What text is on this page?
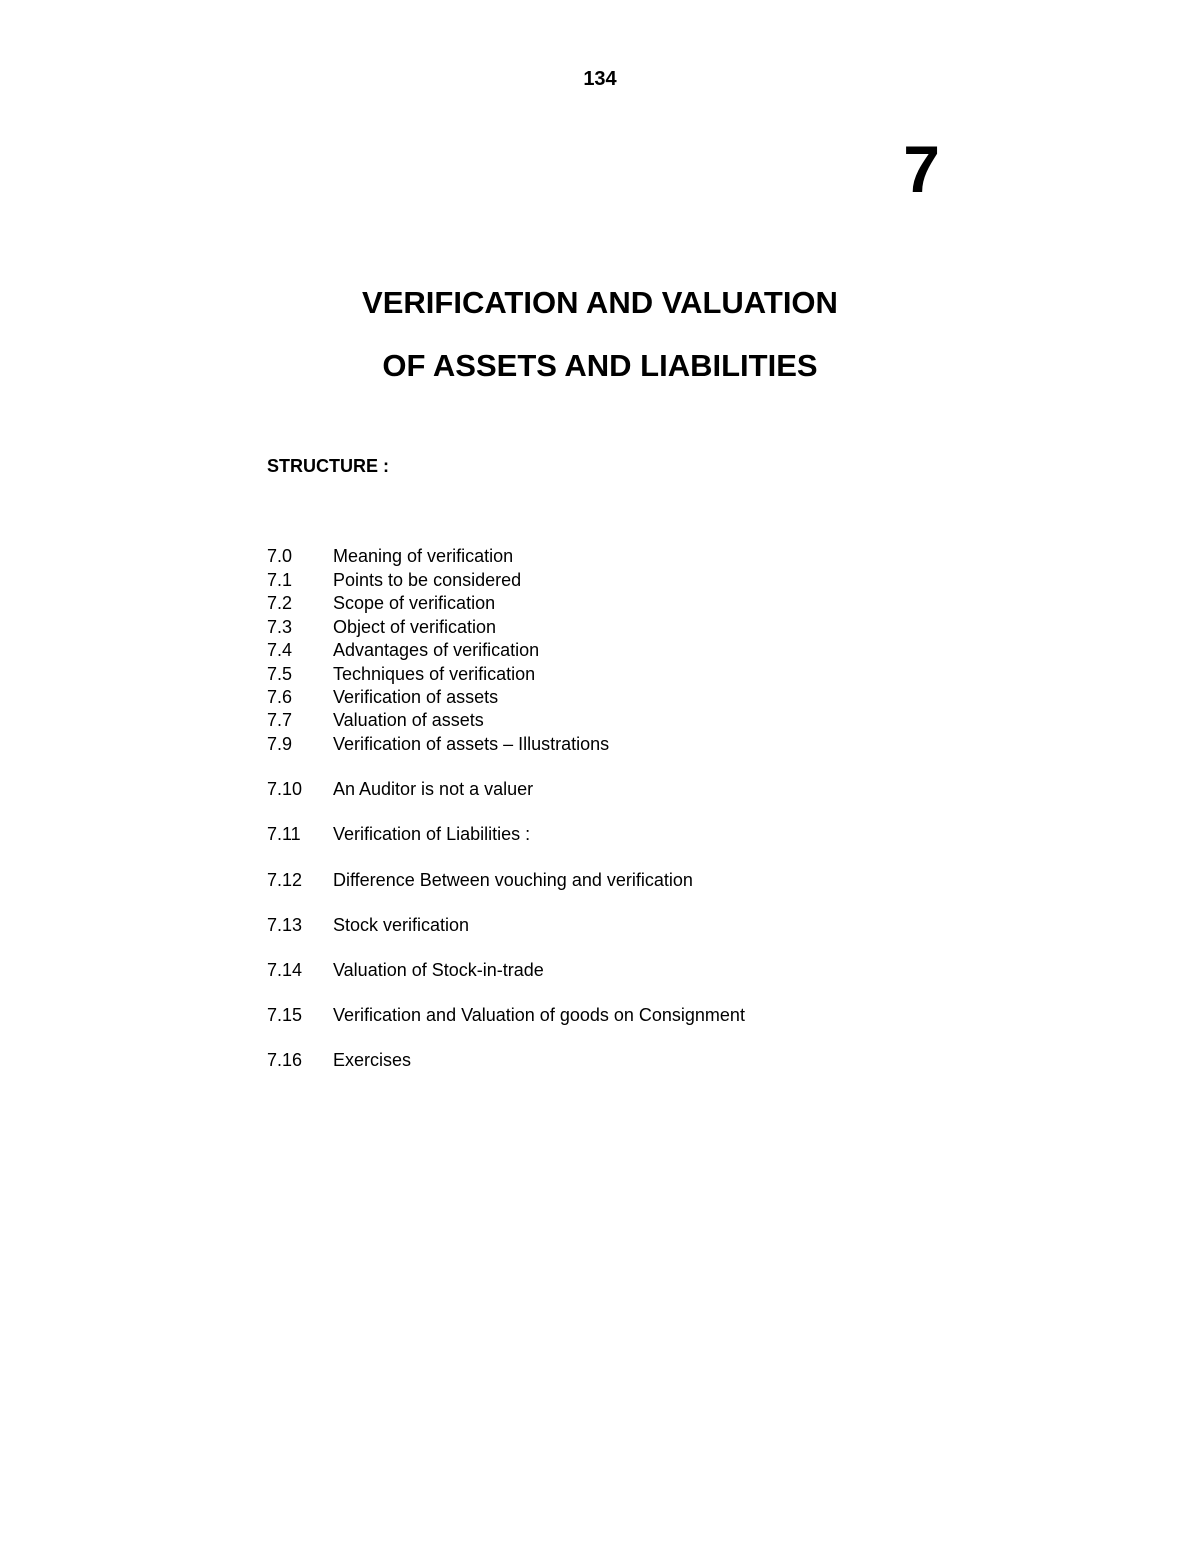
134
7
VERIFICATION AND VALUATION
OF ASSETS AND LIABILITIES
STRUCTURE :
7.0 Meaning of verification
7.1 Points to be considered
7.2 Scope of verification
7.3 Object of verification
7.4 Advantages of verification
7.5 Techniques of verification
7.6 Verification of assets
7.7 Valuation of assets
7.9 Verification of assets – Illustrations
7.10 An Auditor is not a valuer
7.11 Verification of Liabilities :
7.12 Difference Between vouching and verification
7.13 Stock verification
7.14 Valuation of Stock-in-trade
7.15 Verification and Valuation of goods on Consignment
7.16 Exercises
